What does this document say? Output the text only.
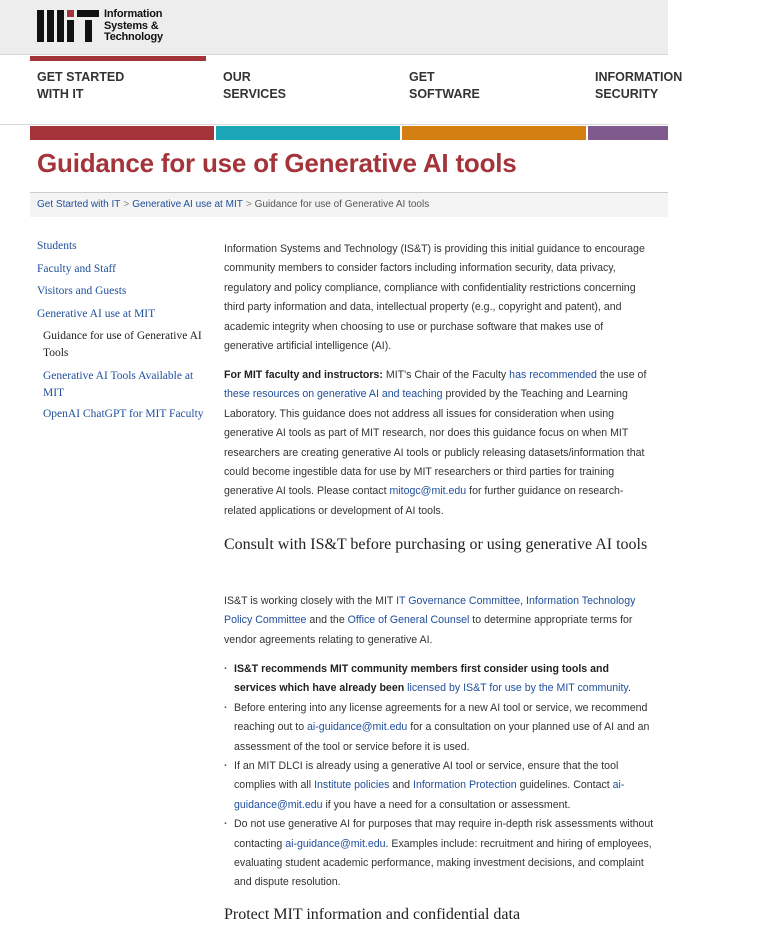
Information
Systems &
Technology
GET STARTED
WITH IT
OUR
SERVICES
GET
SOFTWARE
INFORMATION
SECURITY
Guidance for use of Generative AI tools
Get Started with IT > Generative AI use at MIT > Guidance for use of Generative AI tools
Students
Faculty and Staff
Visitors and Guests
Generative AI use at MIT
Guidance for use of Generative AI Tools
Generative AI Tools Available at MIT
OpenAI ChatGPT for MIT Faculty

Information Systems and Technology (IS&T) is providing this initial guidance to encourage community members to consider factors including information security, data privacy, regulatory and policy compliance, compliance with confidentiality restrictions concerning third party information and data, intellectual property (e.g., copyright and patent), and academic integrity when choosing to use or purchase software that makes use of generative artificial intelligence (AI).

For MIT faculty and instructors: MIT's Chair of the Faculty has recommended the use of these resources on generative AI and teaching provided by the Teaching and Learning Laboratory. This guidance does not address all issues for consideration when using generative AI tools as part of MIT research, nor does this guidance focus on when MIT researchers are creating generative AI tools or publicly releasing datasets/information that could become ingestible data for use by MIT researchers or third parties for training generative AI tools. Please contact mitogc@mit.edu for further guidance on research-related applications or development of AI tools.

Consult with IS&T before purchasing or using generative AI tools

IS&T is working closely with the MIT IT Governance Committee, Information Technology Policy Committee and the Office of General Counsel to determine appropriate terms for vendor agreements relating to generative AI.

· IS&T recommends MIT community members first consider using tools and services which have already been licensed by IS&T for use by the MIT community.
· Before entering into any license agreements for a new AI tool or service, we recommend reaching out to ai-guidance@mit.edu for a consultation on your planned use of AI and an assessment of the tool or service before it is used.
· If an MIT DLCI is already using a generative AI tool or service, ensure that the tool complies with all Institute policies and Information Protection guidelines. Contact ai-guidance@mit.edu if you have a need for a consultation or assessment.
· Do not use generative AI for purposes that may require in-depth risk assessments without contacting ai-guidance@mit.edu. Examples include: recruitment and hiring of employees, evaluating student academic performance, making investment decisions, and complaint and dispute resolution.
Protect MIT information and confidential data
